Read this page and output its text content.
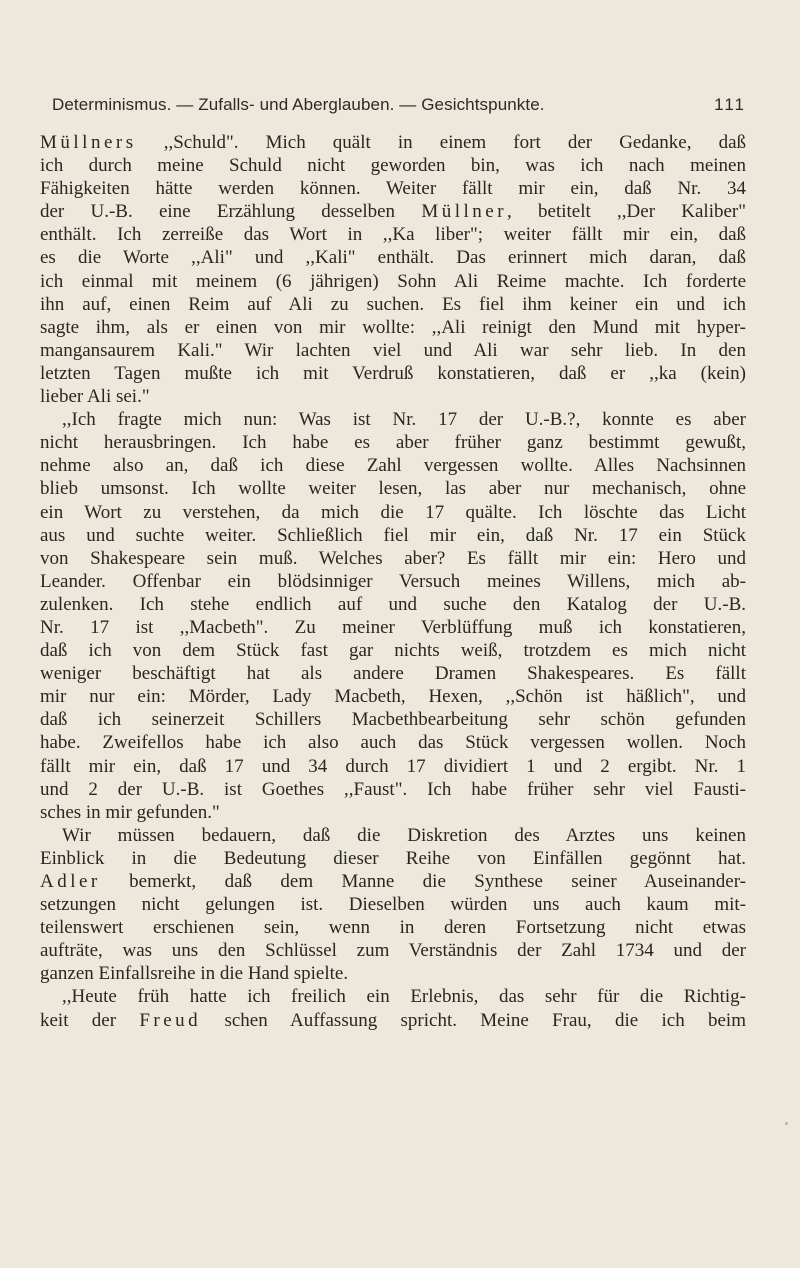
Determinismus. — Zufalls- und Aberglauben. — Gesichtspunkte.	111
Müllners ,,Schuld". Mich quält in einem fort der Gedanke, daß
ich durch meine Schuld nicht geworden bin, was ich nach meinen
Fähigkeiten hätte werden können. Weiter fällt mir ein, daß Nr. 34
der U.-B. eine Erzählung desselben Müllner, betitelt ,,Der Kaliber"
enthält. Ich zerreiße das Wort in ,,Ka liber"; weiter fällt mir ein, daß
es die Worte ,,Ali" und ,,Kali" enthält. Das erinnert mich daran, daß
ich einmal mit meinem (6 jährigen) Sohn Ali Reime machte. Ich forderte
ihn auf, einen Reim auf Ali zu suchen. Es fiel ihm keiner ein und ich
sagte ihm, als er einen von mir wollte: ,,Ali reinigt den Mund mit hyper-
mangansaurem Kali." Wir lachten viel und Ali war sehr lieb. In den
letzten Tagen mußte ich mit Verdruß konstatieren, daß er ,,ka (kein)
lieber Ali sei."
,,Ich fragte mich nun: Was ist Nr. 17 der U.-B.?, konnte es aber
nicht herausbringen. Ich habe es aber früher ganz bestimmt gewußt,
nehme also an, daß ich diese Zahl vergessen wollte. Alles Nachsinnen
blieb umsonst. Ich wollte weiter lesen, las aber nur mechanisch, ohne
ein Wort zu verstehen, da mich die 17 quälte. Ich löschte das Licht
aus und suchte weiter. Schließlich fiel mir ein, daß Nr. 17 ein Stück
von Shakespeare sein muß. Welches aber? Es fällt mir ein: Hero und
Leander. Offenbar ein blödsinniger Versuch meines Willens, mich ab-
zulenken. Ich stehe endlich auf und suche den Katalog der U.-B.
Nr. 17 ist ,,Macbeth". Zu meiner Verblüffung muß ich konstatieren,
daß ich von dem Stück fast gar nichts weiß, trotzdem es mich nicht
weniger beschäftigt hat als andere Dramen Shakespeares. Es fällt
mir nur ein: Mörder, Lady Macbeth, Hexen, ,,Schön ist häßlich", und
daß ich seinerzeit Schillers Macbethbearbeitung sehr schön gefunden
habe. Zweifellos habe ich also auch das Stück vergessen wollen. Noch
fällt mir ein, daß 17 und 34 durch 17 dividiert 1 und 2 ergibt. Nr. 1
und 2 der U.-B. ist Goethes ,,Faust". Ich habe früher sehr viel Fausti-
sches in mir gefunden."
Wir müssen bedauern, daß die Diskretion des Arztes uns keinen
Einblick in die Bedeutung dieser Reihe von Einfällen gegönnt hat.
Adler bemerkt, daß dem Manne die Synthese seiner Auseinander-
setzungen nicht gelungen ist. Dieselben würden uns auch kaum mit-
teilenswert erschienen sein, wenn in deren Fortsetzung nicht etwas
aufträte, was uns den Schlüssel zum Verständnis der Zahl 1734 und der
ganzen Einfallsreihe in die Hand spielte.
,,Heute früh hatte ich freilich ein Erlebnis, das sehr für die Richtig-
keit der Freud schen Auffassung spricht. Meine Frau, die ich beim
